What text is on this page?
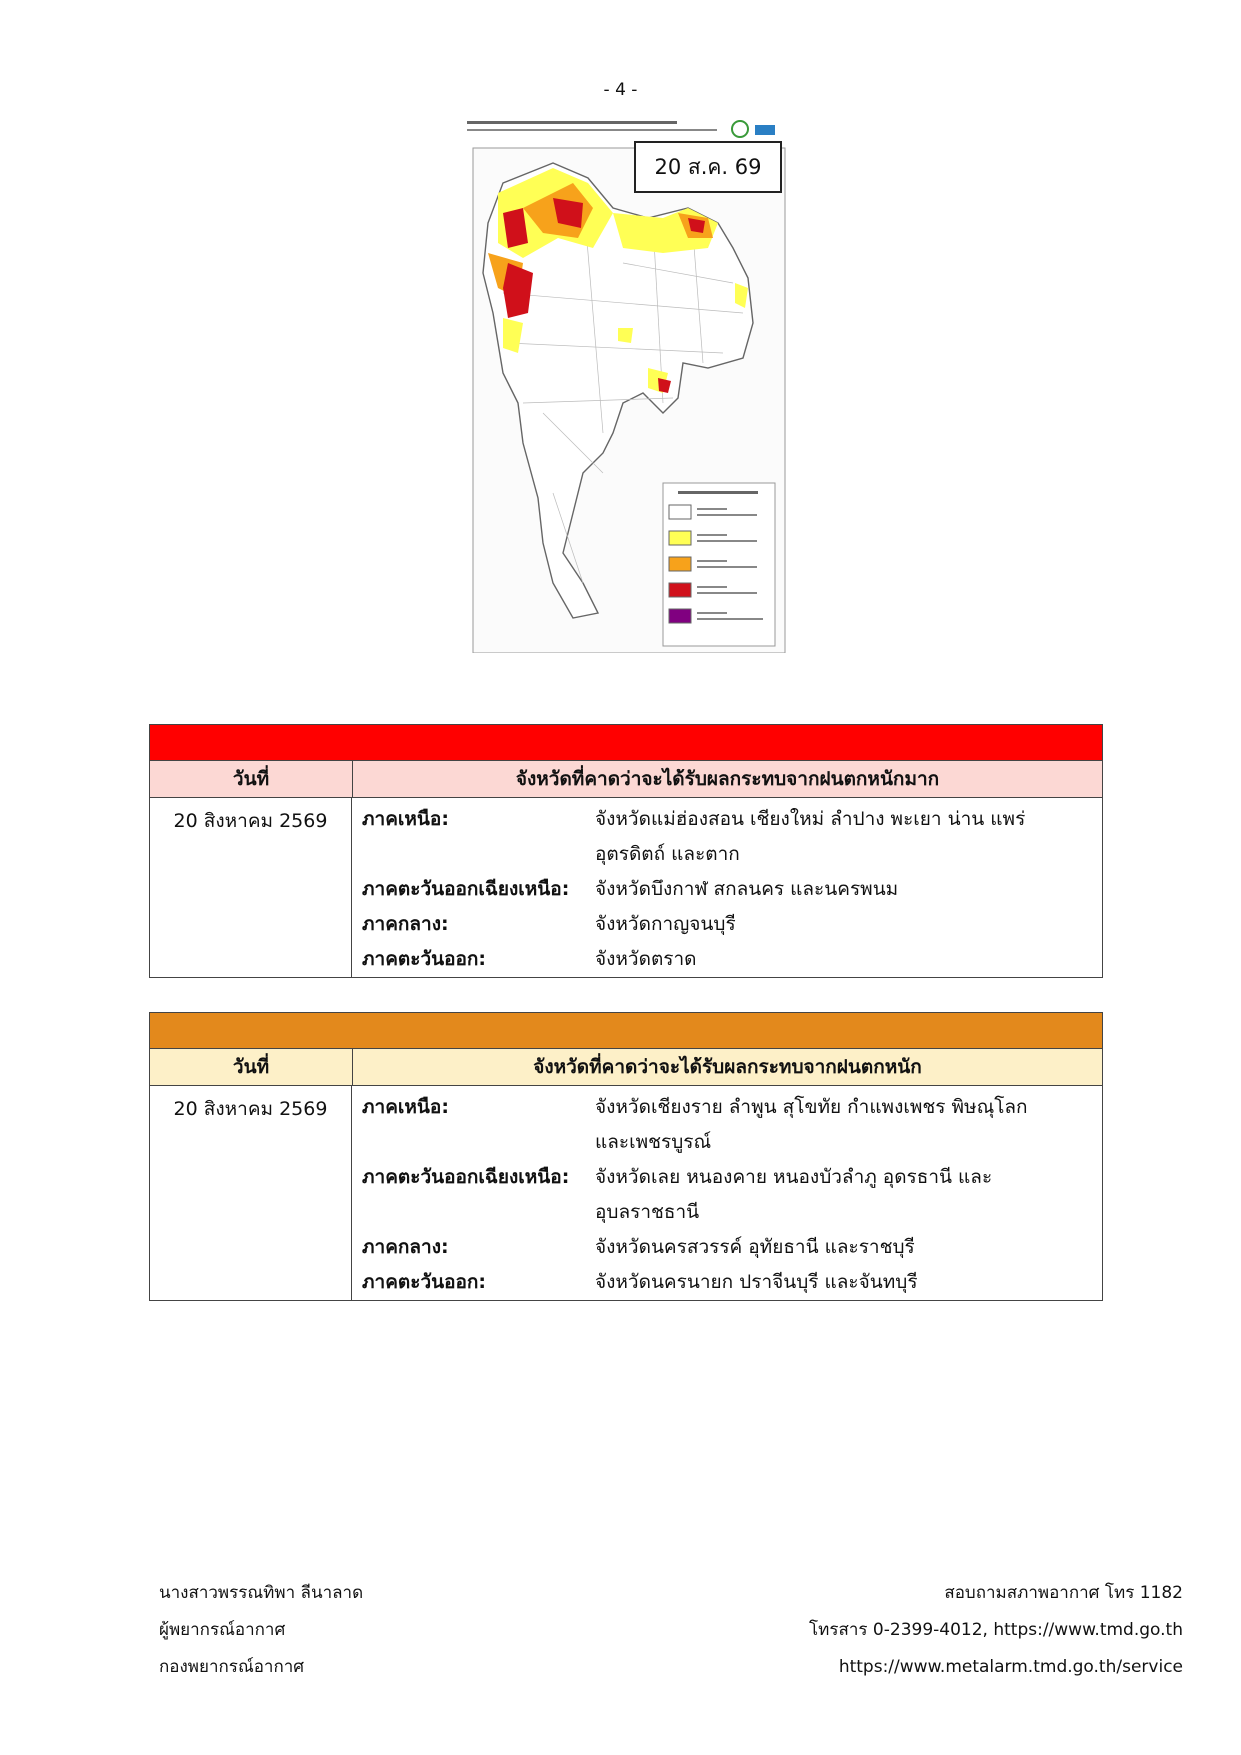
- 4 -
20 ส.ค. 69
วันที่	จังหวัดที่คาดว่าจะได้รับผลกระทบจากฝนตกหนักมาก
20 สิงหาคม 2569	ภาคเหนือ:	จังหวัดแม่ฮ่องสอน เชียงใหม่ ลำปาง พะเยา น่าน แพร่ อุตรดิตถ์ และตาก
ภาคตะวันออกเฉียงเหนือ:	จังหวัดบึงกาฬ สกลนคร และนครพนม
ภาคกลาง:	จังหวัดกาญจนบุรี
ภาคตะวันออก:	จังหวัดตราด
วันที่	จังหวัดที่คาดว่าจะได้รับผลกระทบจากฝนตกหนัก
20 สิงหาคม 2569	ภาคเหนือ:	จังหวัดเชียงราย ลำพูน สุโขทัย กำแพงเพชร พิษณุโลก และเพชรบูรณ์
ภาคตะวันออกเฉียงเหนือ:	จังหวัดเลย หนองคาย หนองบัวลำภู อุดรธานี และอุบลราชธานี
ภาคกลาง:	จังหวัดนครสวรรค์ อุทัยธานี และราชบุรี
ภาคตะวันออก:	จังหวัดนครนายก ปราจีนบุรี และจันทบุรี
นางสาวพรรณทิพา ลีนาลาด
ผู้พยากรณ์อากาศ
กองพยากรณ์อากาศ
สอบถามสภาพอากาศ โทร 1182
โทรสาร 0-2399-4012, https://www.tmd.go.th
https://www.metalarm.tmd.go.th/service
